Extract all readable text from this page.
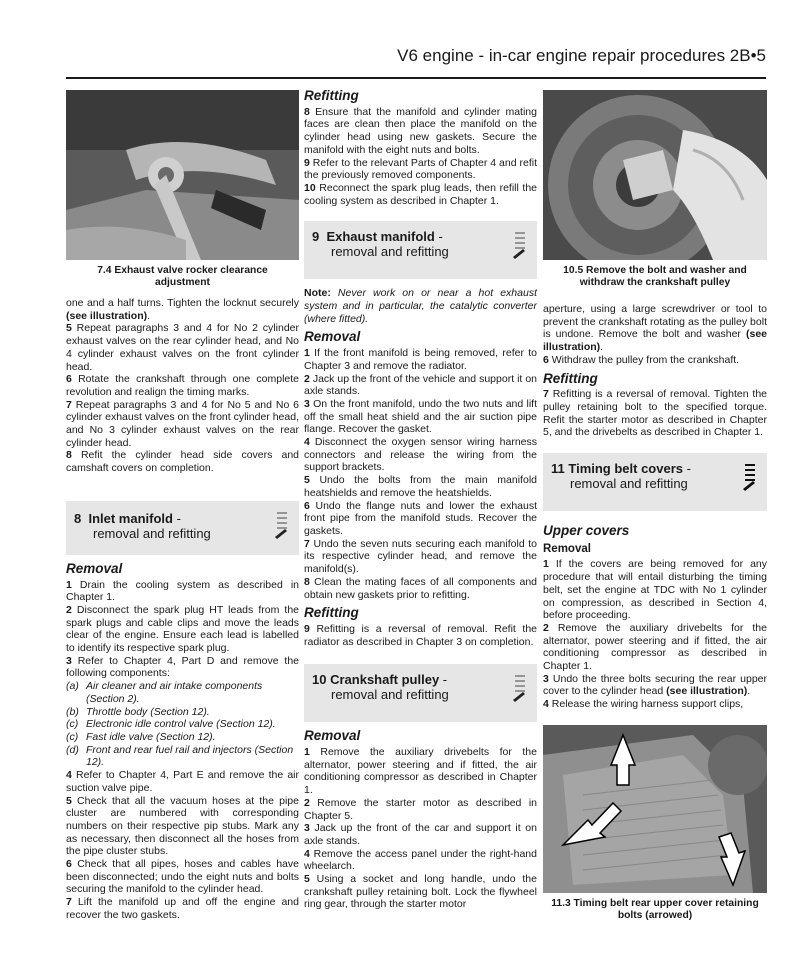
V6 engine - in-car engine repair procedures 2B•5
7.4 Exhaust valve rocker clearance adjustment

one and a half turns. Tighten the locknut securely (see illustration).

5 Repeat paragraphs 3 and 4 for No 2 cylinder exhaust valves on the rear cylinder head, and No 4 cylinder exhaust valves on the front cylinder head.

6 Rotate the crankshaft through one complete revolution and realign the timing marks.

7 Repeat paragraphs 3 and 4 for No 5 and No 6 cylinder exhaust valves on the front cylinder head, and No 3 cylinder exhaust valves on the rear cylinder head.

8 Refit the cylinder head side covers and camshaft covers on completion.

8 Inlet manifold -
removal and refitting
Removal

1 Drain the cooling system as described in Chapter 1.

2 Disconnect the spark plug HT leads from the spark plugs and cable clips and move the leads clear of the engine. Ensure each lead is labelled to identify its respective spark plug.

3 Refer to Chapter 4, Part D and remove the following components:

(a) Air cleaner and air intake components (Section 2).
(b) Throttle body (Section 12).
(c) Electronic idle control valve (Section 12).
(c) Fast idle valve (Section 12).
(d) Front and rear fuel rail and injectors (Section 12).

4 Refer to Chapter 4, Part E and remove the air suction valve pipe.

5 Check that all the vacuum hoses at the pipe cluster are numbered with corresponding numbers on their respective pip stubs. Mark any as necessary, then disconnect all the hoses from the pipe cluster stubs.

6 Check that all pipes, hoses and cables have been disconnected; undo the eight nuts and bolts securing the manifold to the cylinder head.

7 Lift the manifold up and off the engine and recover the two gaskets.

Refitting

8 Ensure that the manifold and cylinder mating faces are clean then place the manifold on the cylinder head using new gaskets. Secure the manifold with the eight nuts and bolts.

9 Refer to the relevant Parts of Chapter 4 and refit the previously removed components.

10 Reconnect the spark plug leads, then refill the cooling system as described in Chapter 1.

9 Exhaust manifold -
removal and refitting

Note: Never work on or near a hot exhaust system and in particular, the catalytic converter (where fitted).

Removal

1 If the front manifold is being removed, refer to Chapter 3 and remove the radiator.

2 Jack up the front of the vehicle and support it on axle stands.

3 On the front manifold, undo the two nuts and lift off the small heat shield and the air suction pipe flange. Recover the gasket.

4 Disconnect the oxygen sensor wiring harness connectors and release the wiring from the support brackets.

5 Undo the bolts from the main manifold heatshields and remove the heatshields.

6 Undo the flange nuts and lower the exhaust front pipe from the manifold studs. Recover the gaskets.

7 Undo the seven nuts securing each manifold to its respective cylinder head, and remove the manifold(s).

8 Clean the mating faces of all components and obtain new gaskets prior to refitting.

Refitting

9 Refitting is a reversal of removal. Refit the radiator as described in Chapter 3 on completion.

10 Crankshaft pulley -
removal and refitting
Removal

1 Remove the auxiliary drivebelts for the alternator, power steering and if fitted, the air conditioning compressor as described in Chapter 1.

2 Remove the starter motor as described in Chapter 5.

3 Jack up the front of the car and support it on axle stands.

4 Remove the access panel under the right-hand wheelarch.

5 Using a socket and long handle, undo the crankshaft pulley retaining bolt. Lock the flywheel ring gear, through the starter motor

10.5 Remove the bolt and washer and withdraw the crankshaft pulley

aperture, using a large screwdriver or tool to prevent the crankshaft rotating as the pulley bolt is undone. Remove the bolt and washer (see illustration).

6 Withdraw the pulley from the crankshaft.

Refitting

7 Refitting is a reversal of removal. Tighten the pulley retaining bolt to the specified torque. Refit the starter motor as described in Chapter 5, and the drivebelts as described in Chapter 1.

11 Timing belt covers -
removal and refitting
Upper covers
Removal

1 If the covers are being removed for any procedure that will entail disturbing the timing belt, set the engine at TDC with No 1 cylinder on compression, as described in Section 4, before proceeding.

2 Remove the auxiliary drivebelts for the alternator, power steering and if fitted, the air conditioning compressor as described in Chapter 1.

3 Undo the three bolts securing the rear upper cover to the cylinder head (see illustration).

4 Release the wiring harness support clips,

11.3 Timing belt rear upper cover retaining bolts (arrowed)
